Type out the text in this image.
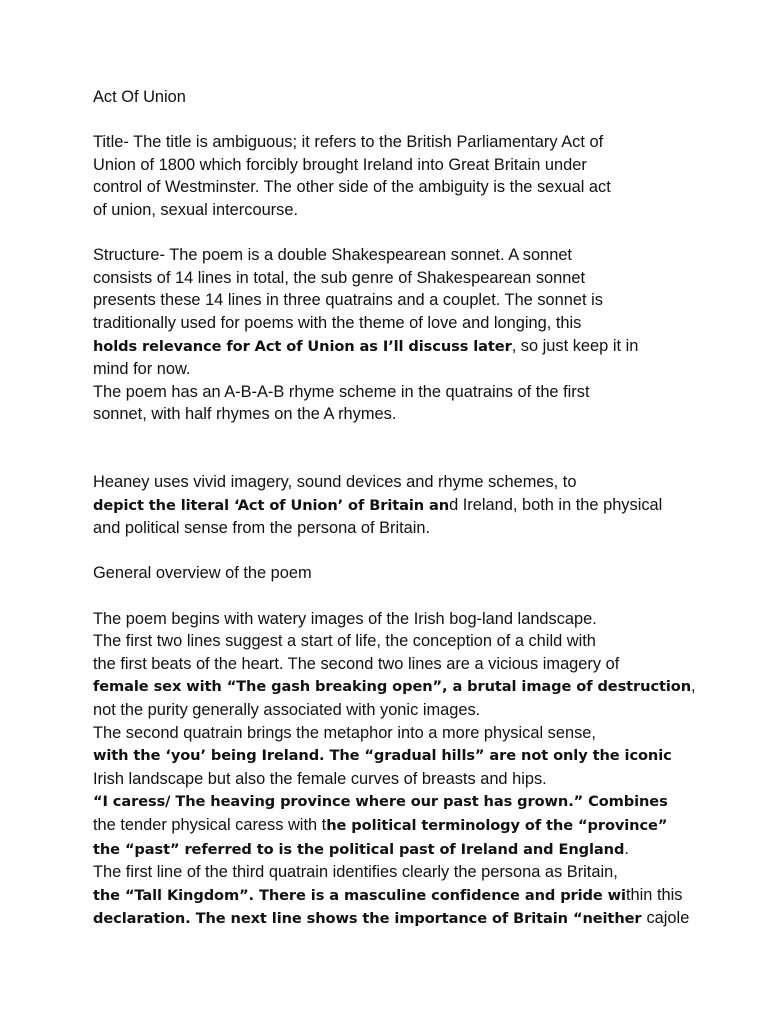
Act Of Union
Title- The title is ambiguous; it refers to the British Parliamentary Act of
Union of 1800 which forcibly brought Ireland into Great Britain under
control of Westminster. The other side of the ambiguity is the sexual act
of union, sexual intercourse.
Structure- The poem is a double Shakespearean sonnet. A sonnet
consists of 14 lines in total, the sub genre of Shakespearean sonnet
presents these 14 lines in three quatrains and a couplet. The sonnet is
traditionally used for poems with the theme of love and longing, this
holds relevance for Act of Union as I’ll discuss later, so just keep it in
mind for now.
The poem has an A-B-A-B rhyme scheme in the quatrains of the first
sonnet, with half rhymes on the A rhymes.
Heaney uses vivid imagery, sound devices and rhyme schemes, to
depict the literal ‘Act of Union’ of Britain and Ireland, both in the physical
and political sense from the persona of Britain.
General overview of the poem
The poem begins with watery images of the Irish bog-land landscape.
The first two lines suggest a start of life, the conception of a child with
the first beats of the heart. The second two lines are a vicious imagery of
female sex with “The gash breaking open”, a brutal image of destruction,
not the purity generally associated with yonic images.
The second quatrain brings the metaphor into a more physical sense,
with the ‘you’ being Ireland. The “gradual hills” are not only the iconic
Irish landscape but also the female curves of breasts and hips.
“I caress/ The heaving province where our past has grown.” Combines
the tender physical caress with the political terminology of the “province”
the “past” referred to is the political past of Ireland and England.
The first line of the third quatrain identifies clearly the persona as Britain,
the “Tall Kingdom”. There is a masculine confidence and pride within this
declaration. The next line shows the importance of Britain “neither cajole
